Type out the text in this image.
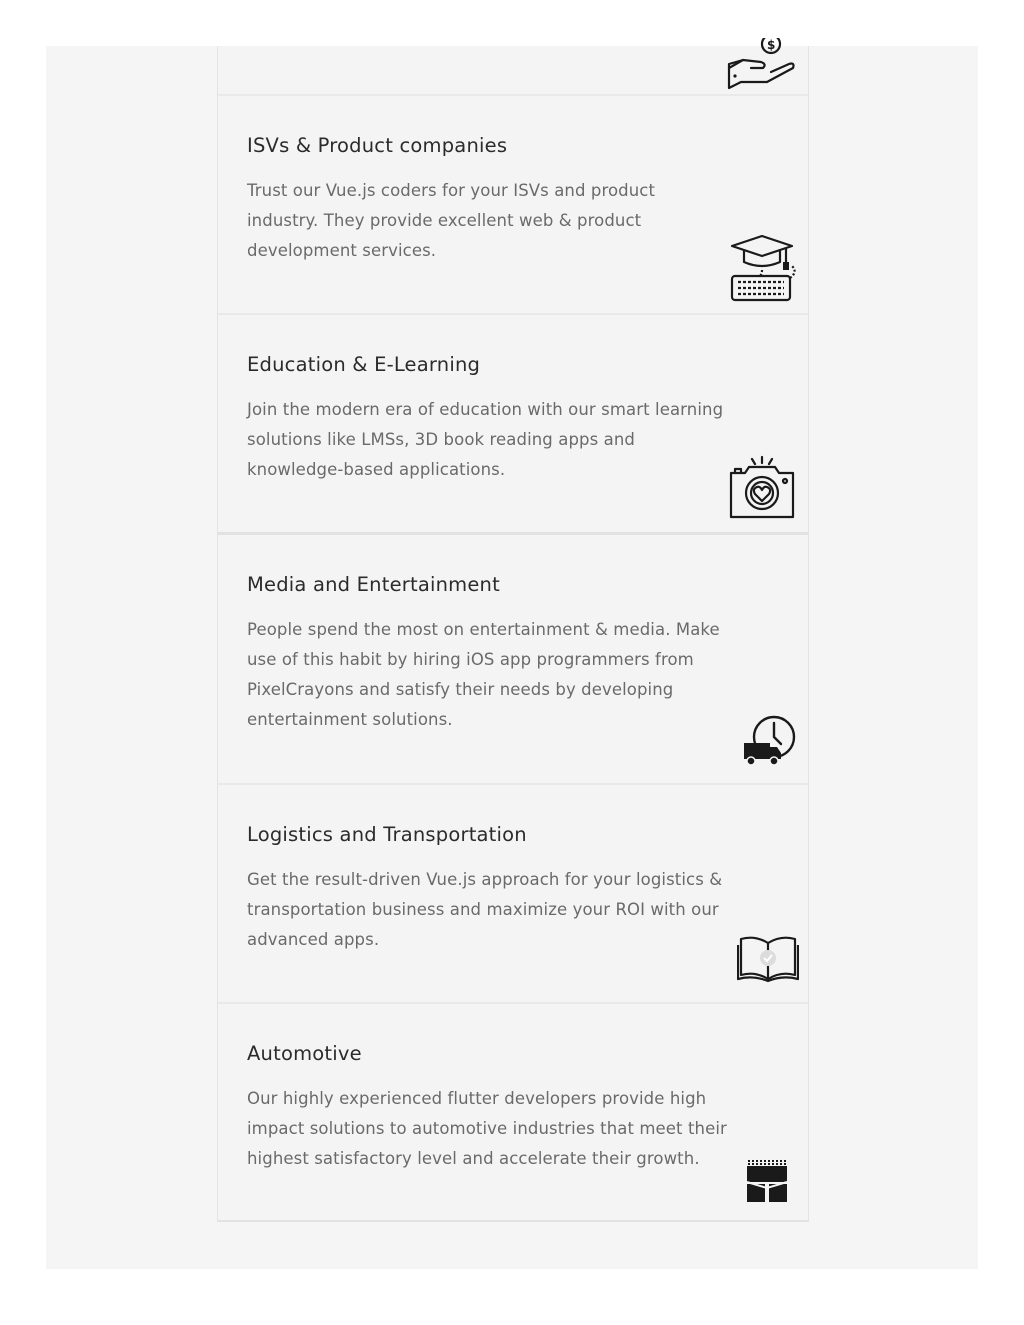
$
ISVs & Product companies

Trust our Vue.js coders for your ISVs and product industry. They provide excellent web & product development services.

Education & E-Learning

Join the modern era of education with our smart learning solutions like LMSs, 3D book reading apps and knowledge-based applications.

Media and Entertainment

People spend the most on entertainment & media. Make use of this habit by hiring iOS app programmers from PixelCrayons and satisfy their needs by developing entertainment solutions.

Logistics and Transportation

Get the result-driven Vue.js approach for your logistics & transportation business and maximize your ROI with our advanced apps.

Automotive

Our highly experienced flutter developers provide high impact solutions to automotive industries that meet their highest satisfactory level and accelerate their growth.
